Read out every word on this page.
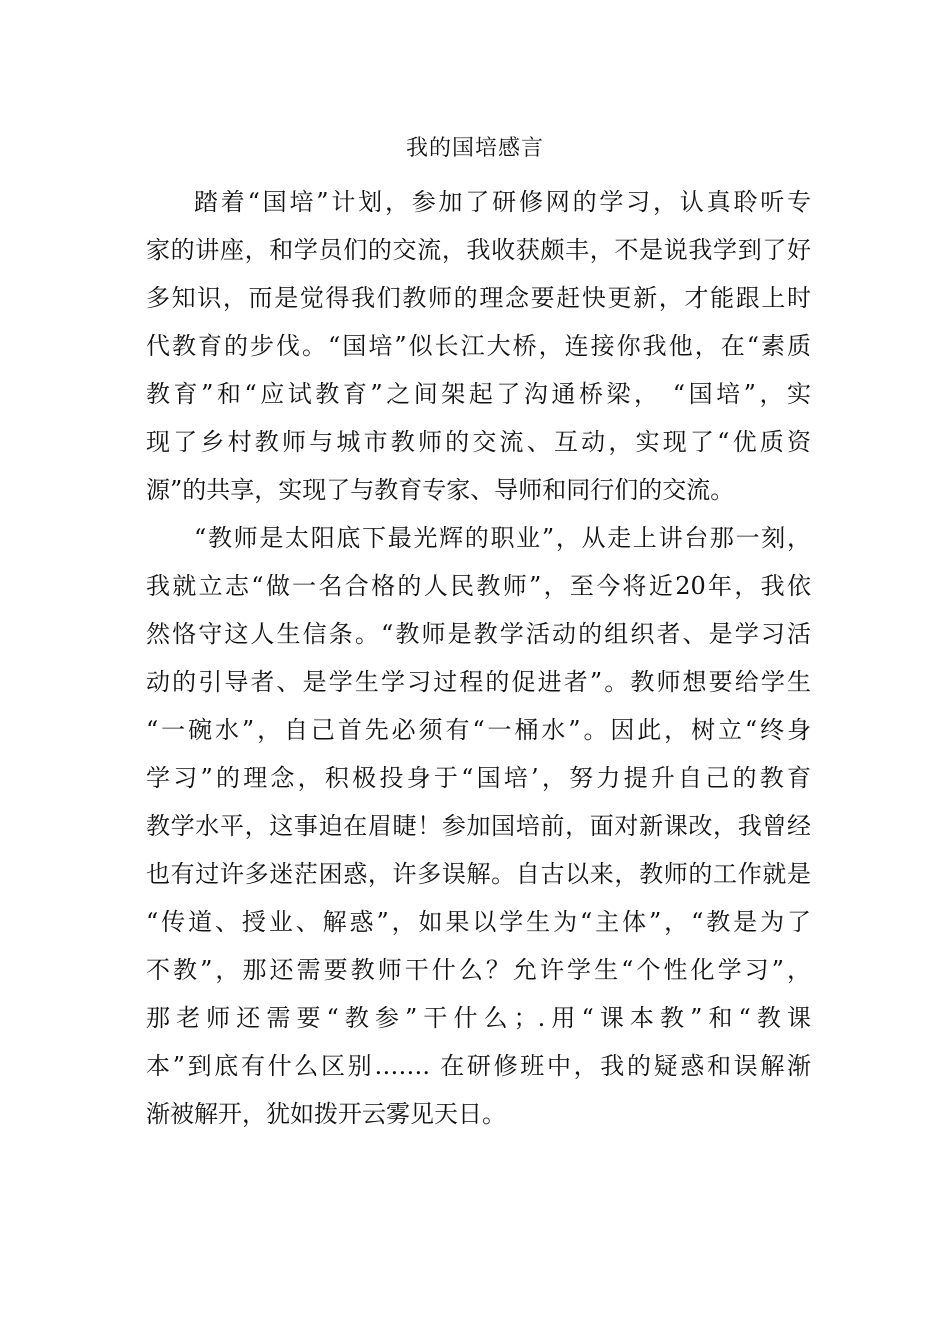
我的国培感言
踏着“国培”计划，参加了研修网的学习，认真聆听专
家的讲座，和学员们的交流，我收获颇丰，不是说我学到了好
多知识，而是觉得我们教师的理念要赶快更新，才能跟上时
代教育的步伐。“国培”似长江大桥，连接你我他，在“素质
教育”和“应试教育”之间架起了沟通桥梁， “国培”，实
现了乡村教师与城市教师的交流、互动，实现了“优质资
源”的共享，实现了与教育专家、导师和同行们的交流。
“教师是太阳底下最光辉的职业”，从走上讲台那一刻，
我就立志“做一名合格的人民教师”，至今将近20年，我依
然恪守这人生信条。“教师是教学活动的组织者、是学习活
动的引导者、是学生学习过程的促进者”。教师想要给学生
“一碗水”，自己首先必须有“一桶水”。因此，树立“终身
学习”的理念，积极投身于“国培’，努力提升自己的教育
教学水平，这事迫在眉睫！参加国培前，面对新课改，我曾经
也有过许多迷茫困惑，许多误解。自古以来，教师的工作就是
“传道、授业、解惑”，如果以学生为“主体”，“教是为了
不教”，那还需要教师干什么？允许学生“个性化学习”，
那老师还需要“教参”干什么；.用“课本教”和“教课
本”到底有什么区别……. 在研修班中，我的疑惑和误解渐
渐被解开，犹如拨开云雾见天日。
